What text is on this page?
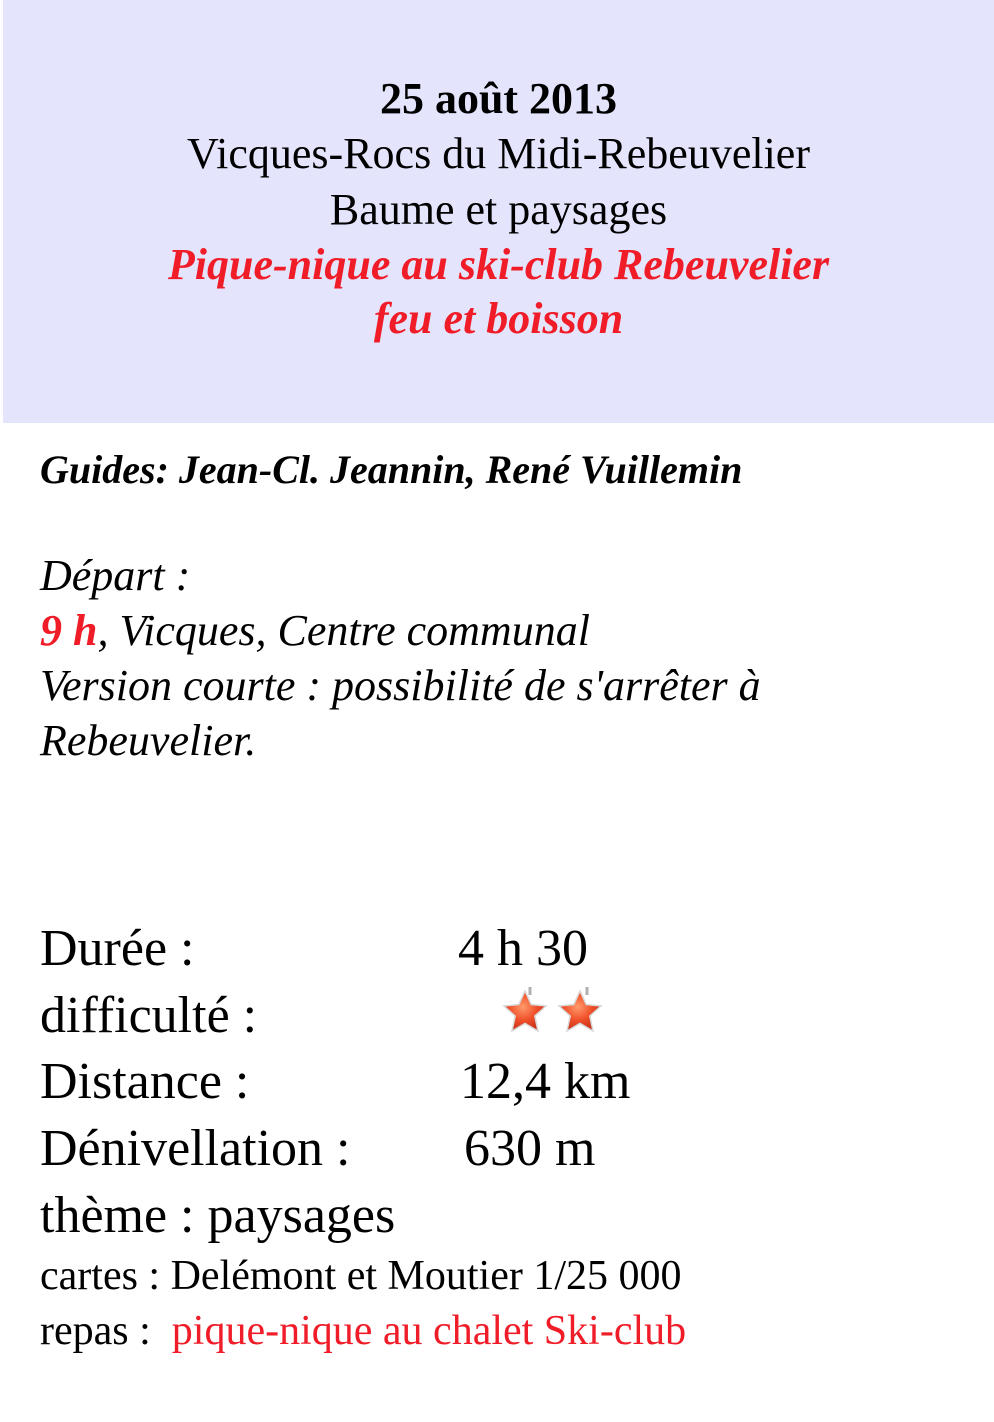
25 août 2013
Vicques-Rocs du Midi-Rebeuvelier
Baume et paysages
Pique-nique au ski-club Rebeuvelier
feu et boisson
Guides: Jean-Cl. Jeannin, René Vuillemin
Départ :
9 h, Vicques, Centre communal
Version courte : possibilité de s'arrêter à
Rebeuvelier.
Durée :	4 h 30
difficulté :
Distance :	12,4 km
Dénivellation : 630 m
thème : paysages
cartes : Delémont et Moutier 1/25 000
repas :  pique-nique au chalet Ski-club
